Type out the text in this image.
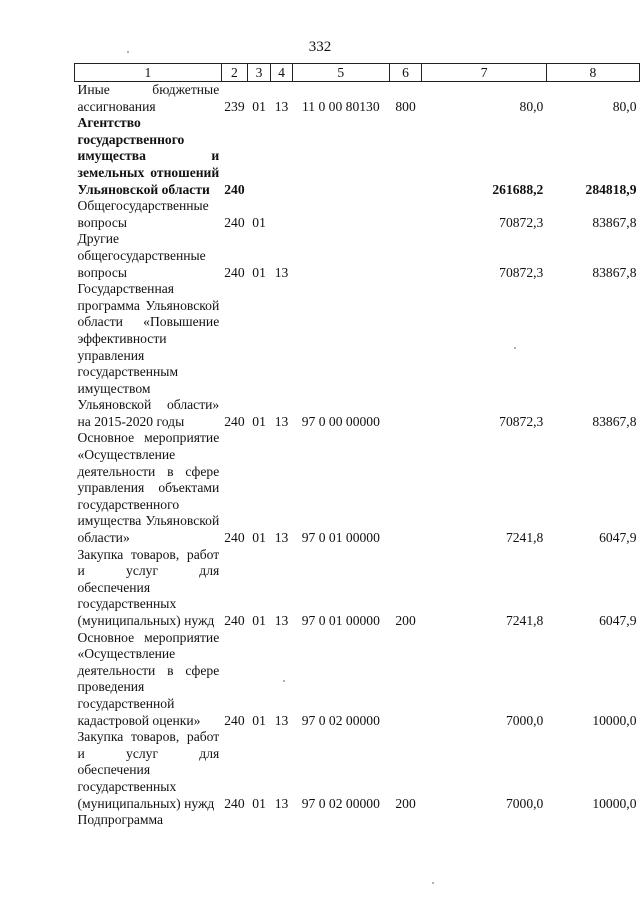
332
1	2	3	4	5	6	7	8
Иные бюджетные ассигнования	239	01	13	11 0 00 80130	800	80,0	80,0
Агентство государственного имущества и земельных отношений Ульяновской области	240					261688,2	284818,9
Общегосударственные вопросы	240	01				70872,3	83867,8
Другие общегосударственные вопросы	240	01	13			70872,3	83867,8
Государственная программа Ульяновской области «Повышение эффективности управления государственным имуществом Ульяновской области» на 2015-2020 годы	240	01	13	97 0 00 00000		70872,3	83867,8
Основное мероприятие «Осуществление деятельности в сфере управления объектами государственного имущества Ульяновской области»	240	01	13	97 0 01 00000		7241,8	6047,9
Закупка товаров, работ и услуг для обеспечения государственных (муниципальных) нужд	240	01	13	97 0 01 00000	200	7241,8	6047,9
Основное мероприятие «Осуществление деятельности в сфере проведения государственной кадастровой оценки»	240	01	13	97 0 02 00000		7000,0	10000,0
Закупка товаров, работ и услуг для обеспечения государственных (муниципальных) нужд	240	01	13	97 0 02 00000	200	7000,0	10000,0
Подпрограмма							
